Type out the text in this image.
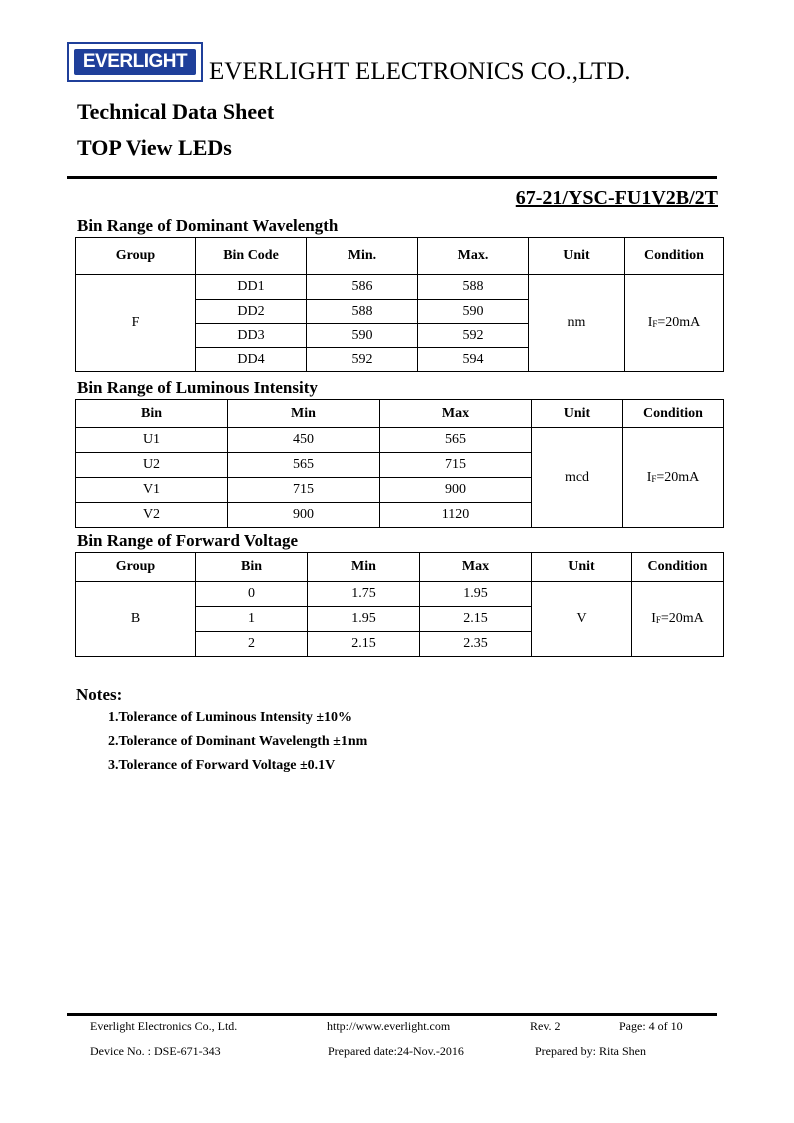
EVERLIGHT EVERLIGHT ELECTRONICS CO.,LTD.
Technical Data Sheet
TOP View LEDs
67-21/YSC-FU1V2B/2T
Bin Range of Dominant Wavelength
Group	Bin Code	Min.	Max.	Unit	Condition
F	DD1	586	588	nm	IF=20mA
	DD2	588	590		
	DD3	590	592		
	DD4	592	594		
Bin Range of Luminous Intensity
Bin	Min	Max	Unit	Condition
U1	450	565	mcd	IF=20mA
U2	565	715		
V1	715	900		
V2	900	1120		
Bin Range of Forward Voltage
Group	Bin	Min	Max	Unit	Condition
B	0	1.75	1.95	V	IF=20mA
	1	1.95	2.15		
	2	2.15	2.35		
Notes:
1.Tolerance of Luminous Intensity ±10%
2.Tolerance of Dominant Wavelength ±1nm
3.Tolerance of Forward Voltage ±0.1V
Everlight Electronics Co., Ltd.	http://www.everlight.com	Rev. 2	Page: 4 of 10
Device No. : DSE-671-343	Prepared date:24-Nov.-2016	Prepared by: Rita Shen
